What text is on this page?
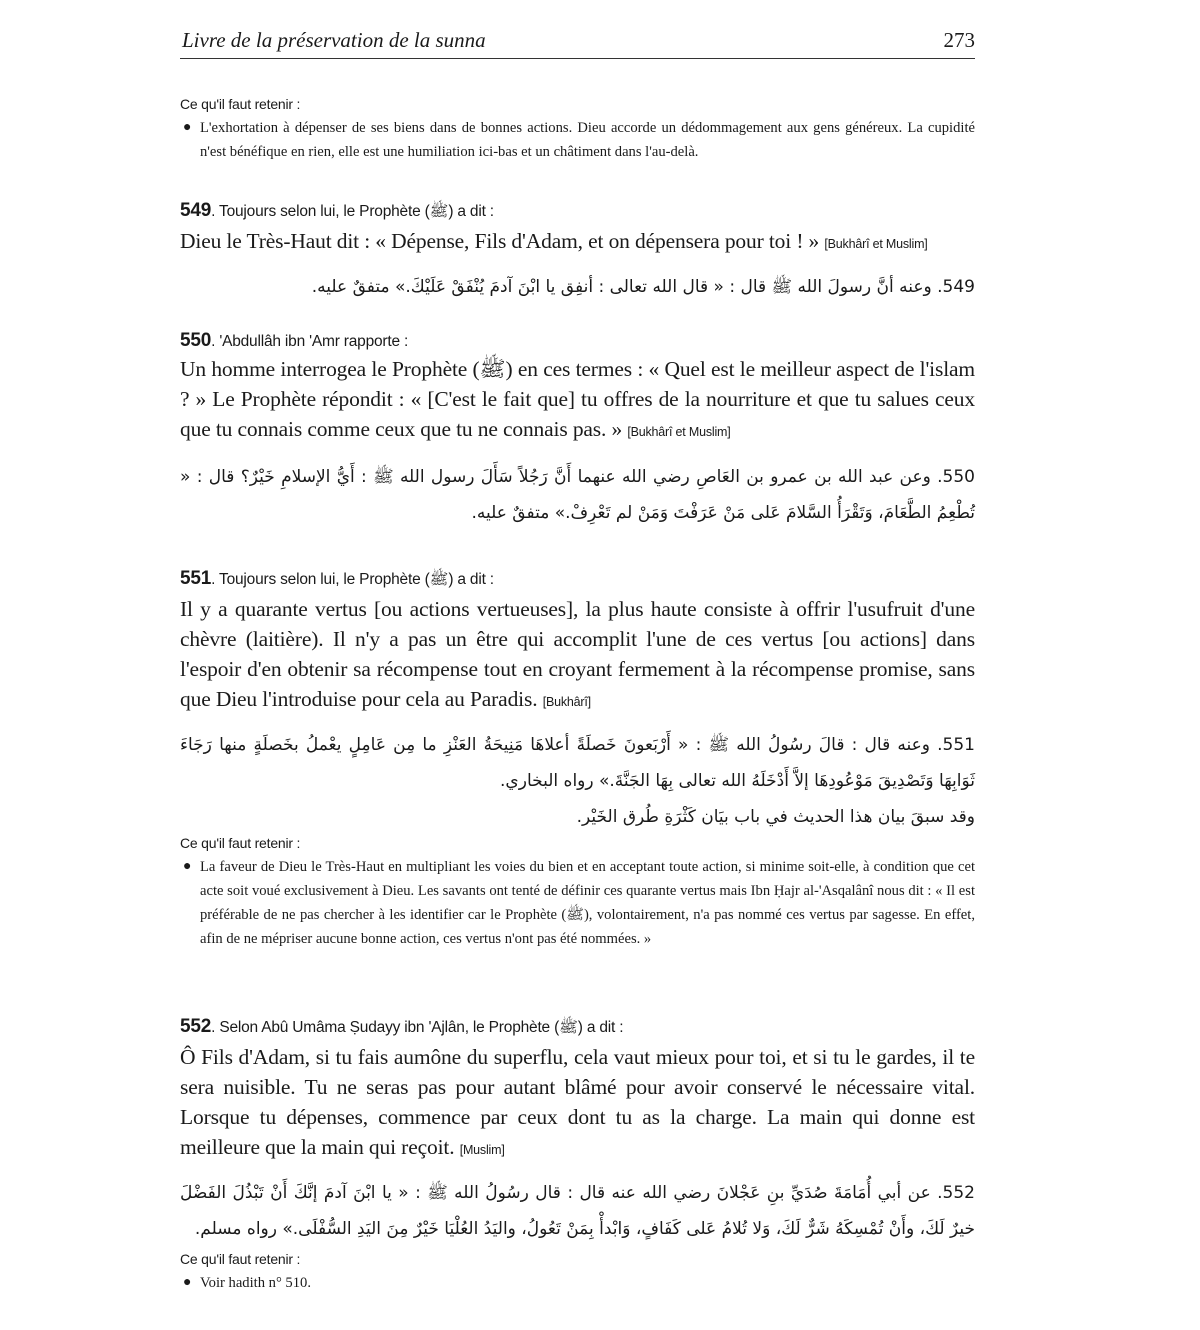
Livre de la préservation de la sunna	273
Ce qu'il faut retenir :
● L'exhortation à dépenser de ses biens dans de bonnes actions. Dieu accorde un dédommagement aux gens généreux. La cupidité n'est bénéfique en rien, elle est une humiliation ici-bas et un châtiment dans l'au-delà.
549. Toujours selon lui, le Prophète (ﷺ) a dit :
Dieu le Très-Haut dit : « Dépense, Fils d'Adam, et on dépensera pour toi ! » [Bukhârî et Muslim]
549. وعنه أنَّ رسولَ الله ﷺ قال : « قال الله تعالى : أنفِق يا ابْنَ آدمَ يُنْفَقْ عَلَيْكَ.» متفقٌ عليه.
550. 'Abdullâh ibn 'Amr rapporte :
Un homme interrogea le Prophète (ﷺ) en ces termes : « Quel est le meilleur aspect de l'islam ? » Le Prophète répondit : « [C'est le fait que] tu offres de la nourriture et que tu salues ceux que tu connais comme ceux que tu ne connais pas. » [Bukhârî et Muslim]
550. وعن عبد الله بن عمرو بن العَاصِ رضي الله عنهما أَنَّ رَجُلاً سَأَلَ رسول الله ﷺ : أَيُّ الإسلامِ خَيْرٌ؟ قال : « تُطْعِمُ الطَّعَامَ، وَتَقْرَأُ السَّلامَ عَلى مَنْ عَرَفْتَ وَمَنْ لم تَعْرِفْ.» متفقٌ عليه.
551. Toujours selon lui, le Prophète (ﷺ) a dit :
Il y a quarante vertus [ou actions vertueuses], la plus haute consiste à offrir l'usufruit d'une chèvre (laitière). Il n'y a pas un être qui accomplit l'une de ces vertus [ou actions] dans l'espoir d'en obtenir sa récompense tout en croyant fermement à la récompense promise, sans que Dieu l'introduise pour cela au Paradis. [Bukhârî]
551. وعنه قال : قالَ رسُولُ الله ﷺ : « أَرْبَعونَ خَصلَةً أعلاهَا مَنِيحَةُ العَنْزِ ما مِن عَامِلٍ يعْملُ بخَصلَةٍ منها رَجَاءَ ثَوَابِهَا وَتَصْدِيقَ مَوْعُودِهَا إلاَّ أَدْخَلَهُ الله تعالى بِهَا الجَنَّةَ.» رواه البخاري.
وقد سبقَ بيان هذا الحديث في باب بيَان كَثْرَةِ طُرق الخَيْر.
Ce qu'il faut retenir :
● La faveur de Dieu le Très-Haut en multipliant les voies du bien et en acceptant toute action, si minime soit-elle, à condition que cet acte soit voué exclusivement à Dieu. Les savants ont tenté de définir ces quarante vertus mais Ibn Ḥajr al-'Asqalânî nous dit : « Il est préférable de ne pas chercher à les identifier car le Prophète (ﷺ), volontairement, n'a pas nommé ces vertus par sagesse. En effet, afin de ne mépriser aucune bonne action, ces vertus n'ont pas été nommées. »
552. Selon Abû Umâma Ṣudayy ibn 'Ajlân, le Prophète (ﷺ) a dit :
Ô Fils d'Adam, si tu fais aumône du superflu, cela vaut mieux pour toi, et si tu le gardes, il te sera nuisible. Tu ne seras pas pour autant blâmé pour avoir conservé le nécessaire vital. Lorsque tu dépenses, commence par ceux dont tu as la charge. La main qui donne est meilleure que la main qui reçoit. [Muslim]
552. عن أبي أُمَامَةَ صُدَيِّ بنِ عَجْلانَ رضي الله عنه قال : قال رسُولُ الله ﷺ : « يا ابْنَ آدمَ إنَّكَ أَنْ تَبْذُلَ الفَضْلَ خيرٌ لَكَ، وأَنْ تُمْسِكَهُ شَرٌّ لَكَ، وَلا تُلامُ عَلى كَفَافٍ، وَابْدأْ بِمَنْ تَعُولُ، واليَدُ العُلْيَا خَيْرٌ مِنَ اليَدِ السُّفْلَى.» رواه مسلم.
Ce qu'il faut retenir :
● Voir hadith n° 510.
